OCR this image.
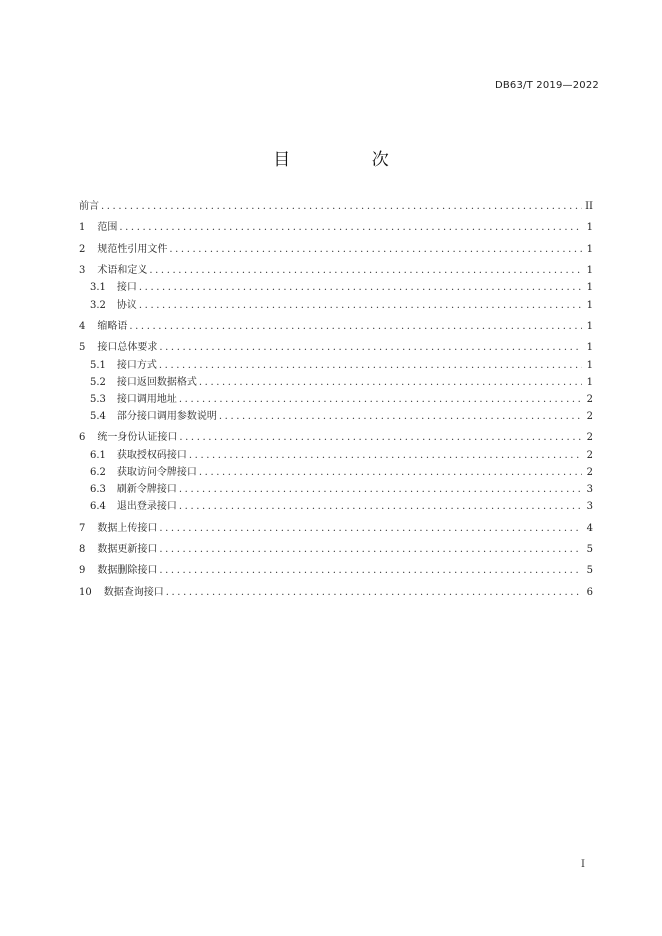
DB63/T 2019—2022
目 次
前言 .....	II
1 范围 .....	1
2 规范性引用文件 .....	1
3 术语和定义 .....	1
3.1 接口 .....	1
3.2 协议 .....	1
4 缩略语 .....	1
5 接口总体要求 .....	1
5.1 接口方式 .....	1
5.2 接口返回数据格式 .....	1
5.3 接口调用地址 .....	2
5.4 部分接口调用参数说明 .....	2
6 统一身份认证接口 .....	2
6.1 获取授权码接口 .....	2
6.2 获取访问令牌接口 .....	2
6.3 刷新令牌接口 .....	3
6.4 退出登录接口 .....	3
7 数据上传接口 .....	4
8 数据更新接口 .....	5
9 数据删除接口 .....	5
10 数据查询接口 .....	6
I
